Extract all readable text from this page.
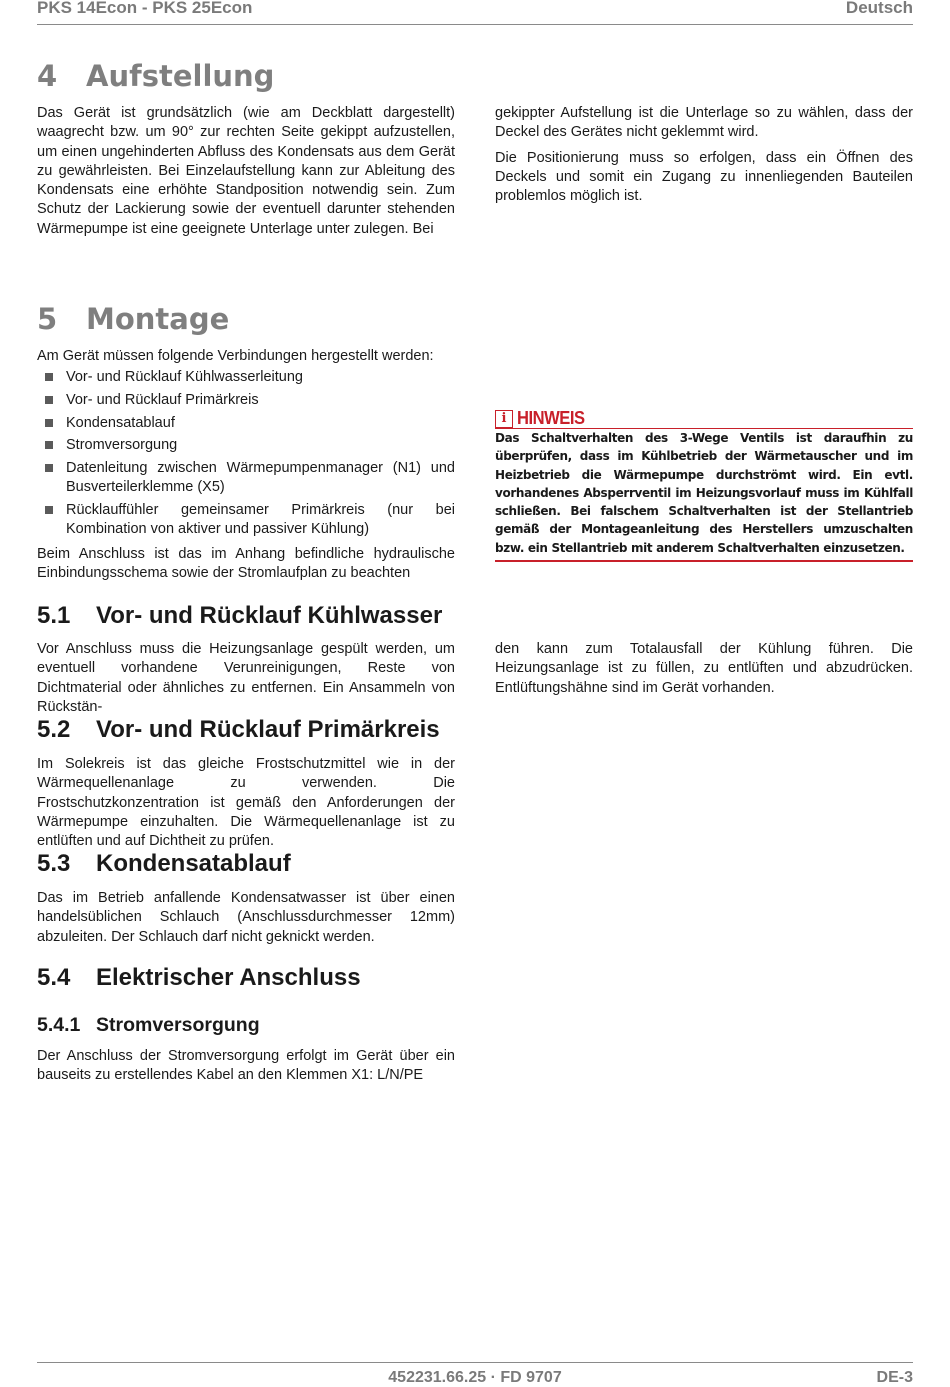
PKS 14Econ - PKS 25Econ	Deutsch
4 Aufstellung

Das Gerät ist grundsätzlich (wie am Deckblatt dargestellt) waagrecht bzw. um 90° zur rechten Seite gekippt aufzustellen, um einen ungehinderten Abfluss des Kondensats aus dem Gerät zu gewährleisten. Bei Einzelaufstellung kann zur Ableitung des Kondensats eine erhöhte Standposition notwendig sein. Zum Schutz der Lackierung sowie der eventuell darunter stehenden Wärmepumpe ist eine geeignete Unterlage unter zulegen. Bei

gekippter Aufstellung ist die Unterlage so zu wählen, dass der Deckel des Gerätes nicht geklemmt wird.

Die Positionierung muss so erfolgen, dass ein Öffnen des Deckels und somit ein Zugang zu innenliegenden Bauteilen problemlos möglich ist.

5 Montage

Am Gerät müssen folgende Verbindungen hergestellt werden:

Vor- und Rücklauf Kühlwasserleitung
Vor- und Rücklauf Primärkreis
Kondensatablauf
Stromversorgung
Datenleitung zwischen Wärmepumpenmanager (N1) und Busverteilerklemme (X5)
Rücklauffühler gemeinsamer Primärkreis (nur bei Kombination von aktiver und passiver Kühlung)

Beim Anschluss ist das im Anhang befindliche hydraulische Einbindungsschema sowie der Stromlaufplan zu beachten

i HINWEIS
Das Schaltverhalten des 3-Wege Ventils ist daraufhin zu überprüfen, dass im Kühlbetrieb der Wärmetauscher und im Heizbetrieb die Wärmepumpe durchströmt wird. Ein evtl. vorhandenes Absperrventil im Heizungsvorlauf muss im Kühlfall schließen. Bei falschem Schaltverhalten ist der Stellantrieb gemäß der Montageanleitung des Herstellers umzuschalten bzw. ein Stellantrieb mit anderem Schaltverhalten einzusetzen.
5.1 Vor- und Rücklauf Kühlwasser

Vor Anschluss muss die Heizungsanlage gespült werden, um eventuell vorhandene Verunreinigungen, Reste von Dichtmaterial oder ähnliches zu entfernen. Ein Ansammeln von Rückstän-

den kann zum Totalausfall der Kühlung führen. Die Heizungsanlage ist zu füllen, zu entlüften und abzudrücken. Entlüftungshähne sind im Gerät vorhanden.

5.2 Vor- und Rücklauf Primärkreis

Im Solekreis ist das gleiche Frostschutzmittel wie in der Wärmequellenanlage zu verwenden. Die Frostschutzkonzentration ist gemäß den Anforderungen der Wärmepumpe einzuhalten. Die Wärmequellenanlage ist zu entlüften und auf Dichtheit zu prüfen.

5.3 Kondensatablauf

Das im Betrieb anfallende Kondensatwasser ist über einen handelsüblichen Schlauch (Anschlussdurchmesser 12mm) abzuleiten. Der Schlauch darf nicht geknickt werden.

5.4 Elektrischer Anschluss
5.4.1 Stromversorgung

Der Anschluss der Stromversorgung erfolgt im Gerät über ein bauseits zu erstellendes Kabel an den Klemmen X1: L/N/PE

452231.66.25 · FD 9707	DE-3
